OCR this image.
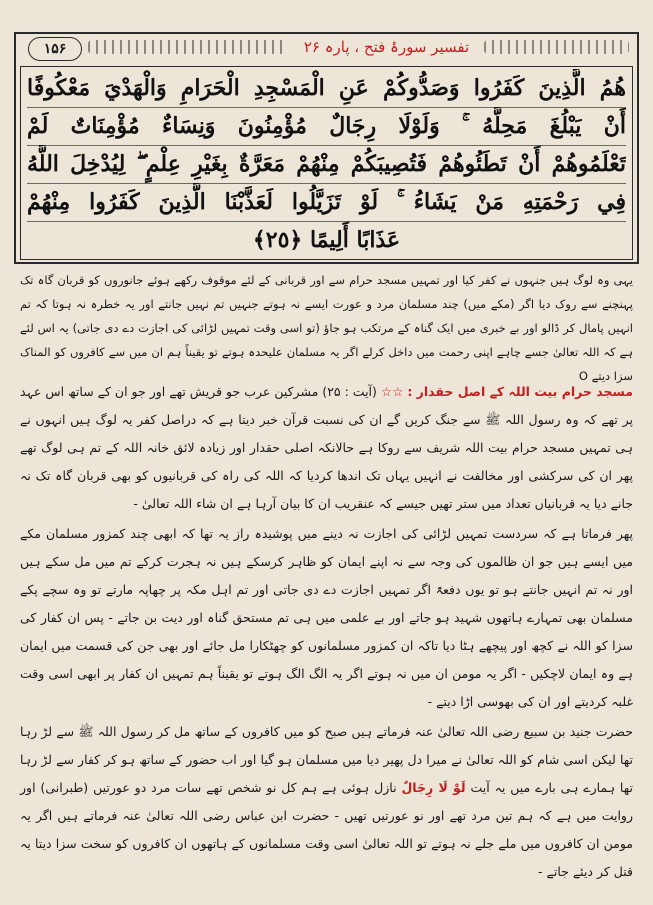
۱۵۶	تفسیر سورۂ فتح ، پارہ ۲۶
هُمُ الَّذِينَ كَفَرُوا وَصَدُّوكُمْ عَنِ الْمَسْجِدِ الْحَرَامِ وَالْهَدْيَ مَعْكُوفًا
أَنْ يَبْلُغَ مَحِلَّهُ ۚ وَلَوْلَا رِجَالٌ مُؤْمِنُونَ وَنِسَاءٌ مُؤْمِنَاتٌ لَمْ
تَعْلَمُوهُمْ أَنْ تَطَئُوهُمْ فَتُصِيبَكُمْ مِنْهُمْ مَعَرَّةٌ بِغَيْرِ عِلْمٍ ۖ لِيُدْخِلَ اللَّهُ
فِي رَحْمَتِهِ مَنْ يَشَاءُ ۚ لَوْ تَزَيَّلُوا لَعَذَّبْنَا الَّذِينَ كَفَرُوا مِنْهُمْ
عَذَابًا أَلِيمًا ﴿٢٥﴾

یہی وہ لوگ ہیں جنہوں نے کفر کیا اور تمہیں مسجد حرام سے اور قربانی کے لئے موقوف رکھے ہوئے جانوروں کو قربان گاہ تک پہنچنے سے روک دیا اگر (مکے میں) چند مسلمان مرد و عورت ایسے نہ ہوتے جنہیں تم نہیں جانتے اور یہ خطرہ نہ ہوتا کہ تم انہیں پامال کر ڈالو اور بے خبری میں ایک گناہ کے مرتکب ہو جاؤ (تو اسی وقت تمہیں لڑائی کی اجازت دے دی جاتی) یہ اس لئے ہے کہ اللہ تعالیٰ جسے چاہے اپنی رحمت میں داخل کرلے اگر یہ مسلمان علیحدہ ہوتے تو یقیناً ہم ان میں سے کافروں کو المناک سزا دیتے O

مسجد حرام بیت اللہ کے اصل حقدار : ☆☆ (آیت : ۲۵) مشرکین عرب جو قریش تھے اور جو ان کے ساتھ اس عہد پر تھے کہ وہ رسول اللہ ﷺ سے جنگ کریں گے ان کی نسبت قرآن خبر دیتا ہے کہ دراصل کفر یہ لوگ ہیں انہوں نے ہی تمہیں مسجد حرام بیت اللہ شریف سے روکا ہے حالانکہ اصلی حقدار اور زیادہ لائق خانہ اللہ کے تم ہی لوگ تھے پھر ان کی سرکشی اور مخالفت نے انہیں یہاں تک اندھا کردیا کہ اللہ کی راہ کی قربانیوں کو بھی قربان گاہ تک نہ جانے دیا یہ قربانیاں تعداد میں ستر تھیں جیسے کہ عنقریب ان کا بیان آرہا ہے ان شاء اللہ تعالیٰ -

پھر فرماتا ہے کہ سردست تمہیں لڑائی کی اجازت نہ دینے میں پوشیدہ راز یہ تھا کہ ابھی چند کمزور مسلمان مکے میں ایسے ہیں جو ان ظالموں کی وجہ سے نہ اپنے ایمان کو ظاہر کرسکے ہیں نہ ہجرت کرکے تم میں مل سکے ہیں اور نہ تم انہیں جانتے ہو تو یوں دفعۃً اگر تمہیں اجازت دے دی جاتی اور تم اہل مکہ پر چھاپہ مارتے تو وہ سچے پکے مسلمان بھی تمہارے ہاتھوں شہید ہو جاتے اور بے علمی میں ہی تم مستحق گناہ اور دیت بن جاتے - پس ان کفار کی سزا کو اللہ نے کچھ اور پیچھے ہٹا دیا تاکہ ان کمزور مسلمانوں کو چھٹکارا مل جائے اور بھی جن کی قسمت میں ایمان ہے وہ ایمان لاچکیں - اگر یہ مومن ان میں نہ ہوتے اگر یہ الگ الگ ہوتے تو یقیناً ہم تمہیں ان کفار پر ابھی اسی وقت غلبہ کردیتے اور ان کی بھوسی اڑا دیتے -

حضرت جنید بن سبیع رضی اللہ تعالیٰ عنہ فرماتے ہیں صبح کو میں کافروں کے ساتھ مل کر رسول اللہ ﷺ سے لڑ رہا تھا لیکن اسی شام کو اللہ تعالیٰ نے میرا دل پھیر دیا میں مسلمان ہو گیا اور اب حضور کے ساتھ ہو کر کفار سے لڑ رہا تھا ہمارے ہی بارے میں یہ آیت لَوْ لَا رِجَالٌ نازل ہوئی ہے ہم کل نو شخص تھے سات مرد دو عورتیں (طبرانی) اور روایت میں ہے کہ ہم تین مرد تھے اور نو عورتیں تھیں - حضرت ابن عباس رضی اللہ تعالیٰ عنہ فرماتے ہیں اگر یہ مومن ان کافروں میں ملے جلے نہ ہوتے تو اللہ تعالیٰ اسی وقت مسلمانوں کے ہاتھوں ان کافروں کو سخت سزا دیتا یہ قتل کر دیئے جاتے -
